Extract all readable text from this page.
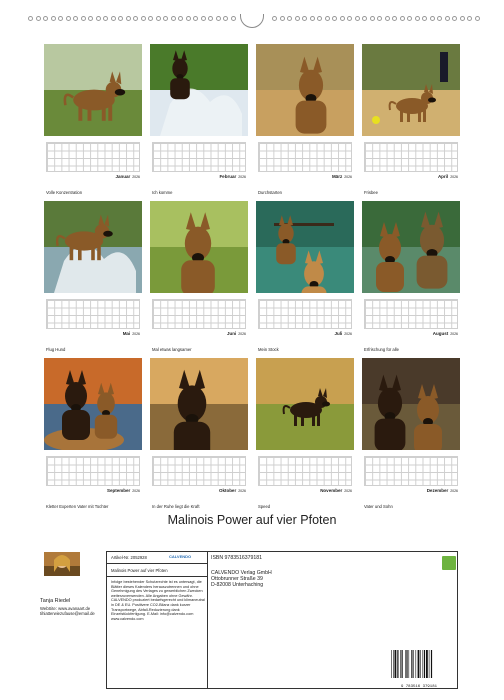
Januar 2026
Volle Konzentration
Februar 2026
Ich komme
März 2026
Durchstarten
April 2026
Frisbee
Mai 2026
Flug Hund
Juni 2026
Mal etwas langsamer
Juli 2026
Mein Stock
August 2026
Erfrischung für alle
September 2026
Kletter Experten Vater mit Tochter
Oktober 2026
In der Ruhe liegt die Kraft
November 2026
Speed
Dezember 2026
Vater und Sohn
Malinois Power auf vier Pfoten
Tanja Riedel
WebSite: www.avanaart.de tihiatterwiezufause@email.de
Artikel-Nr. 2052928	CALVENDO
Malinois Power auf vier Pfoten
Infolge bestehender Schutzrechte ist es untersagt, die Blätter dieses Kalenders herauszutrennen und ohne Genehmigung des Verlages zu gewerblichen Zwecken weiterzuverwenden. Alle Angaben ohne Gewähr. CALVENDO produziert bedarfsgerecht und klimaneutral in DE & EU. Positivere CO2-Bilanz dank kurzer Transportwege, Abfall-Reduzierung dank Einzelstückfertigung. E-Mail: info@calvendo.com www.calvendo.com
ISBN 9783516379181
CALVENDO Verlag GmbH
Ottobrunner Straße 39
D-82008 Unterhaching
9 783516 379181
